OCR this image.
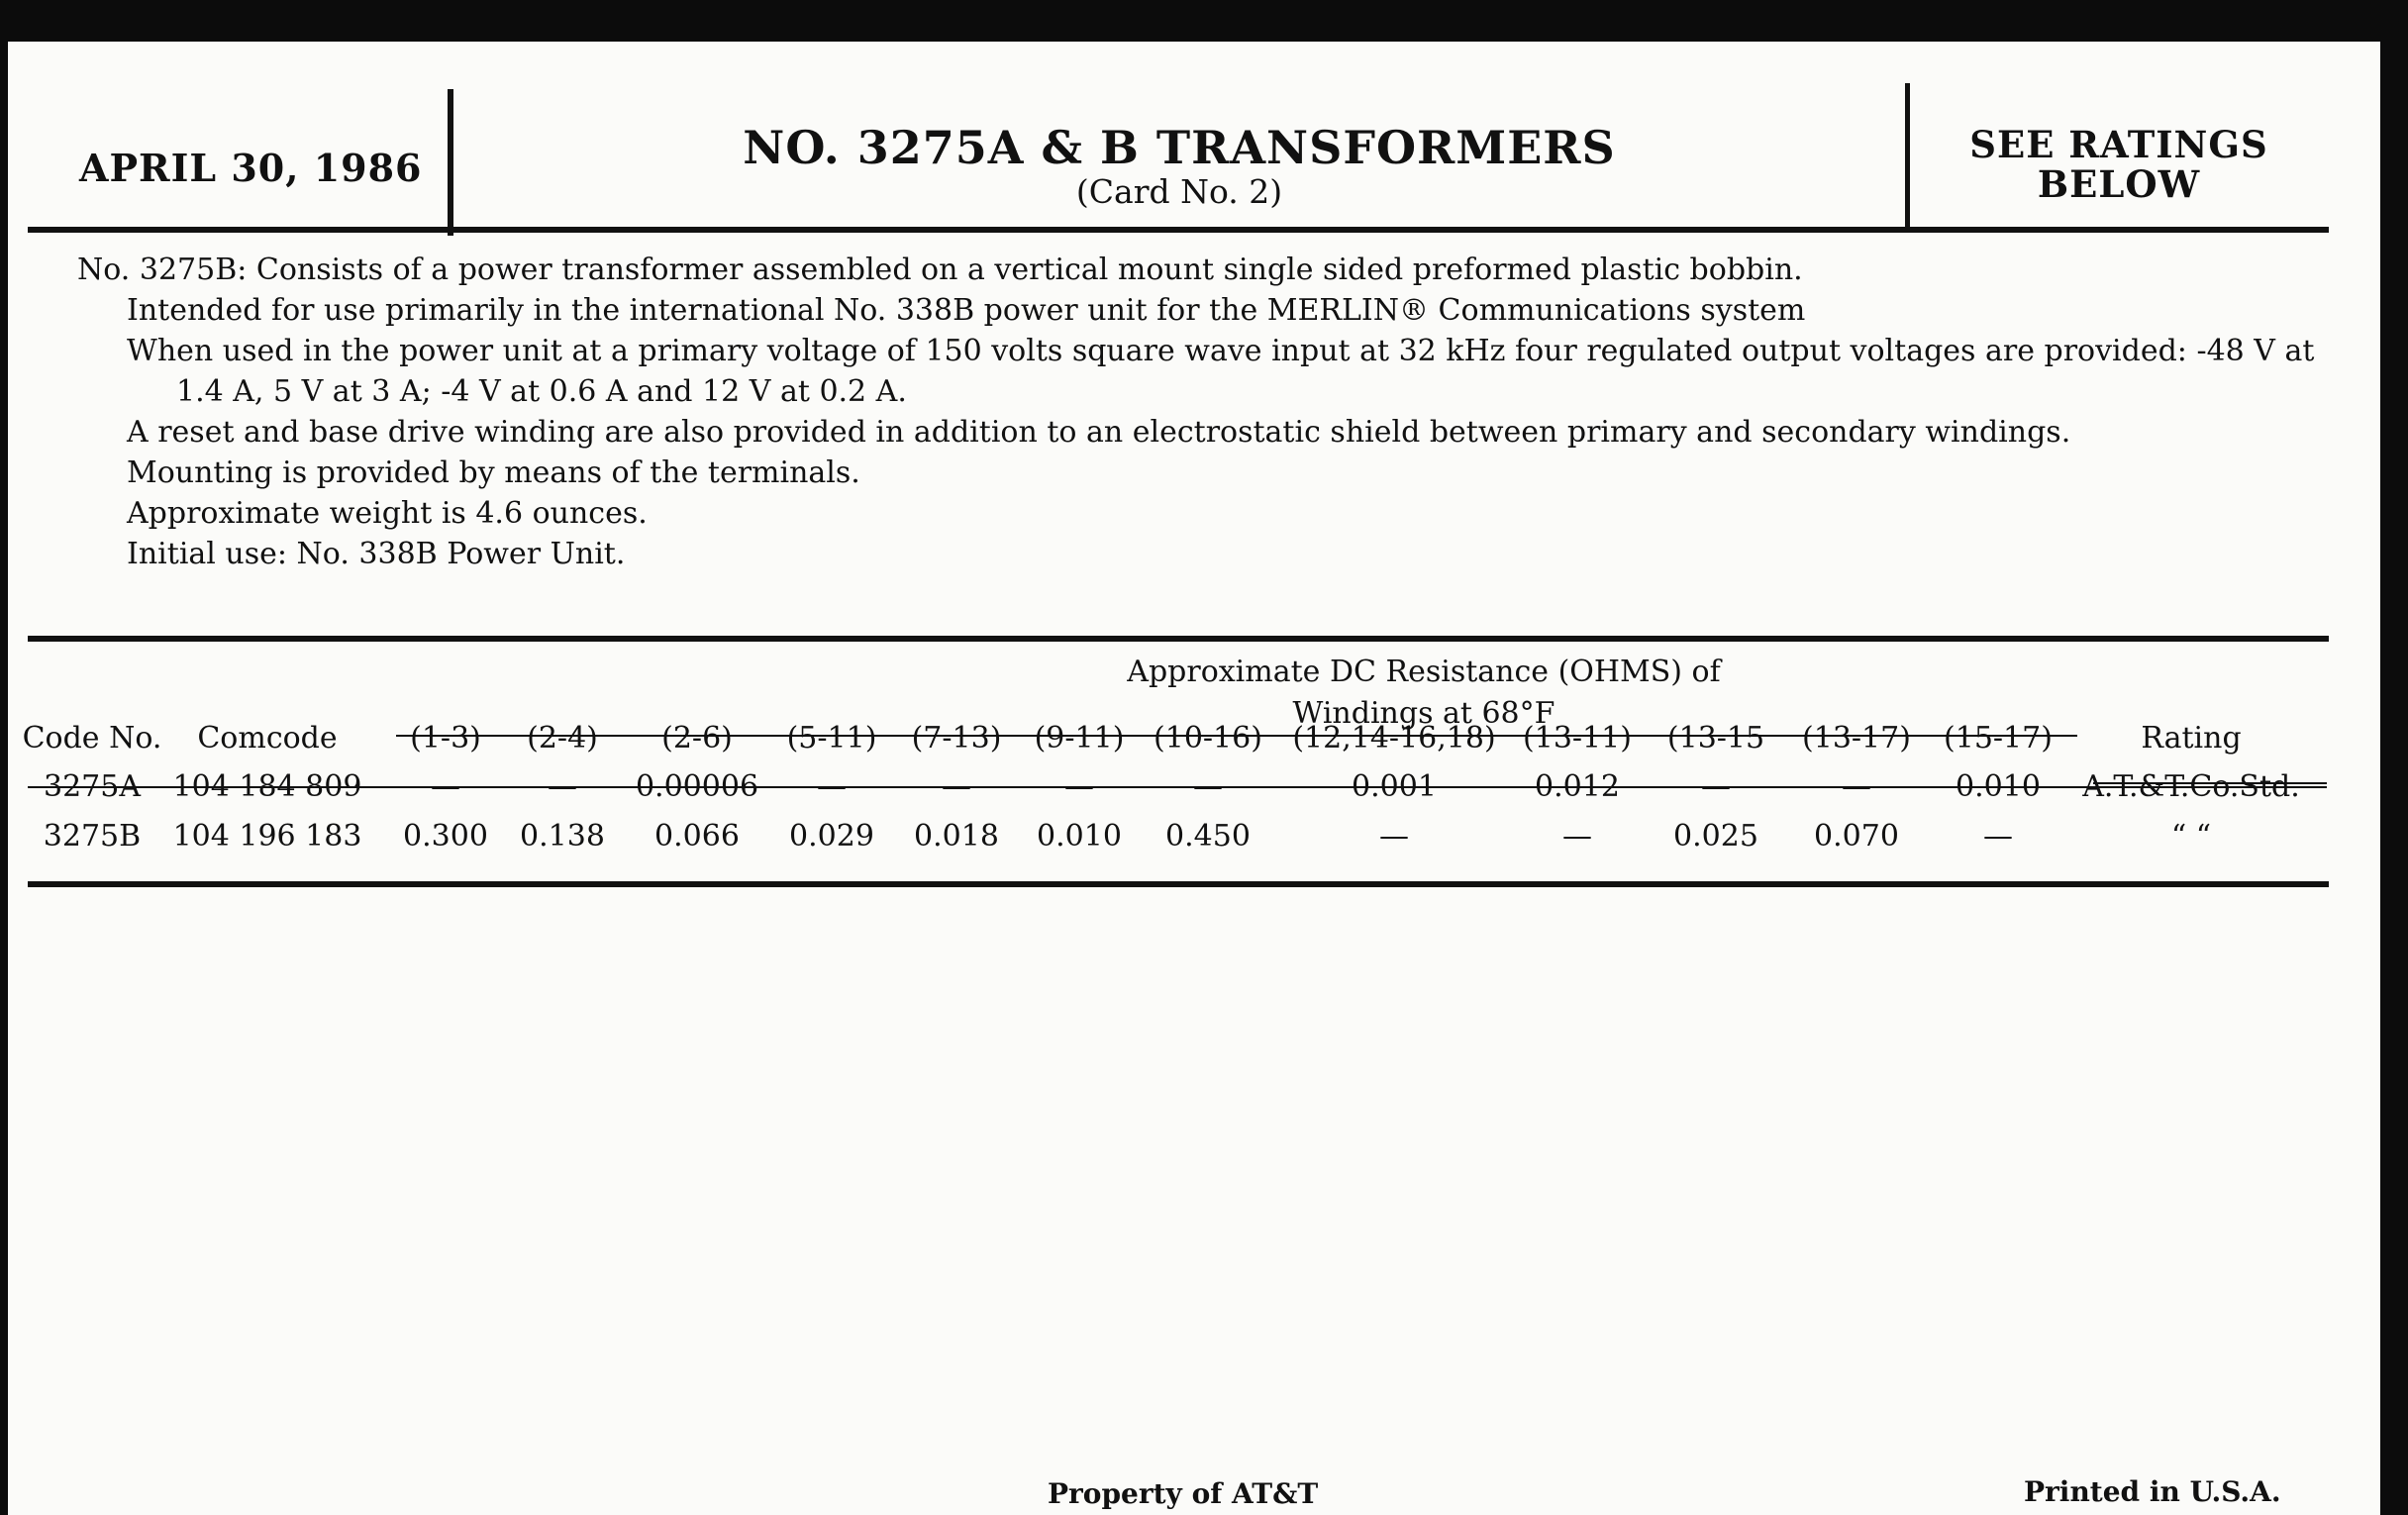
APRIL 30, 1986	NO. 3275A & B TRANSFORMERS
(Card No. 2)
SEE RATINGS
BELOW

No. 3275B: Consists of a power transformer assembled on a vertical mount single sided preformed plastic bobbin.

Intended for use primarily in the international No. 338B power unit for the MERLIN® Communications system

When used in the power unit at a primary voltage of 150 volts square wave input at 32 kHz four regulated output voltages are provided: -48 V at 1.4 A, 5 V at 3 A; -4 V at 0.6 A and 12 V at 0.2 A.

A reset and base drive winding are also provided in addition to an electrostatic shield between primary and secondary windings.

Mounting is provided by means of the terminals.

Approximate weight is 4.6 ounces.

Initial use: No. 338B Power Unit.

Approximate DC Resistance (OHMS) of
Windings at 68°F
Code No. Comcode (1-3) (2-4) (2-6) (5-11) (7-13) (9-11) (10-16) (12,14-16,18) (13-11) (13-15 (13-17) (15-17)	Rating
3275A 104 184 809 —	— 0.00006 —	—	—	—	0.001	0.012	—	—	0.010 A.T.&T.Co.Std.
3275B 104 196 183 0.300 0.138 0.066 0.029 0.018 0.010 0.450	—	—	0.025 0.070	—	“ “
Property of AT&T	Printed in U.S.A.
